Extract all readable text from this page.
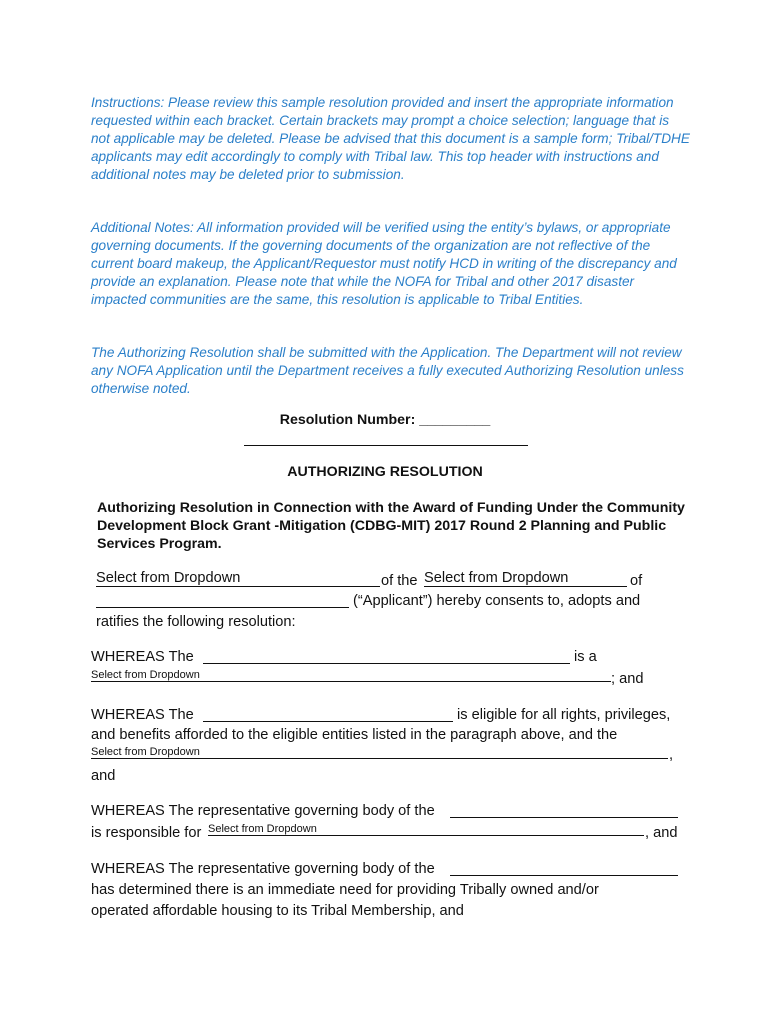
Instructions: Please review this sample resolution provided and insert the appropriate information requested within each bracket. Certain brackets may prompt a choice selection; language that is not applicable may be deleted. Please be advised that this document is a sample form; Tribal/TDHE applicants may edit accordingly to comply with Tribal law. This top header with instructions and additional notes may be deleted prior to submission.

Additional Notes: All information provided will be verified using the entity’s bylaws, or appropriate governing documents. If the governing documents of the organization are not reflective of the current board makeup, the Applicant/Requestor must notify HCD in writing of the discrepancy and provide an explanation. Please note that while the NOFA for Tribal and other 2017 disaster impacted communities are the same, this resolution is applicable to Tribal Entities.

The Authorizing Resolution shall be submitted with the Application. The Department will not review any NOFA Application until the Department receives a fully executed Authorizing Resolution unless otherwise noted.

Resolution Number: _________
AUTHORIZING RESOLUTION

Authorizing Resolution in Connection with the Award of Funding Under the Community Development Block Grant -Mitigation (CDBG-MIT) 2017 Round 2 Planning and Public Services Program.

Select from Dropdown	of the Select from Dropdown	of
(“Applicant”) hereby consents to, adopts and
ratifies the following resolution:
WHEREAS The	is a
Select from Dropdown	; and
WHEREAS The	is eligible for all rights, privileges,
and benefits afforded to the eligible entities listed in the paragraph above, and the
Select from Dropdown	,
and
WHEREAS The representative governing body of the
is responsible for Select from Dropdown	, and
WHEREAS The representative governing body of the
has determined there is an immediate need for providing Tribally owned and/or
operated affordable housing to its Tribal Membership, and
